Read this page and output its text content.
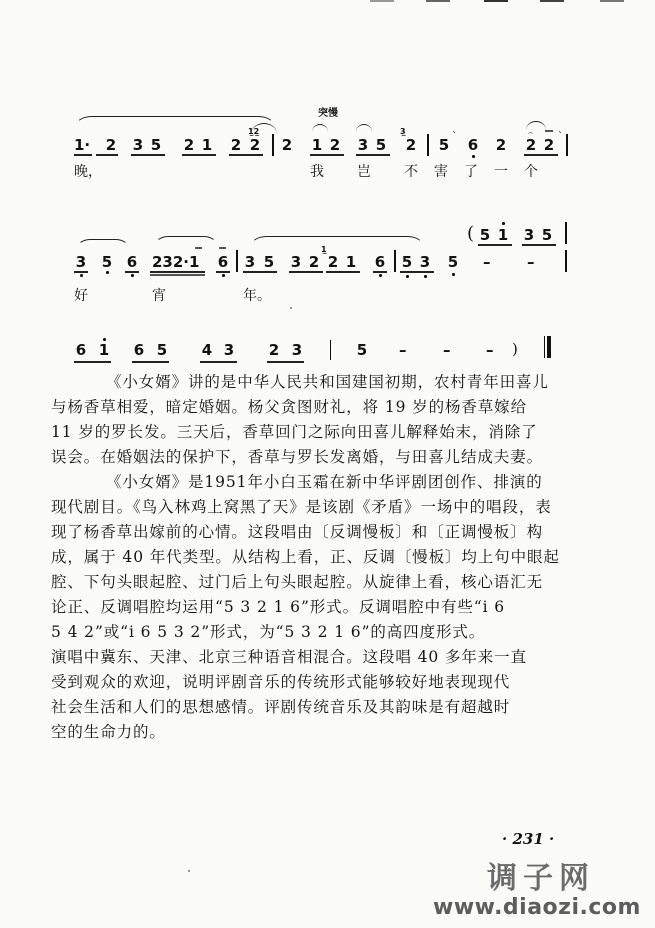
突慢
1· 2 3 5 2 1
1̲2̲
2 2 2 1 2 3 5
3̲
2 5 ˋ 6 2
⌢
2 2 ˋ
晚，	我 岂 不 害 了 一 个
3 5 6 232·1	6 3 5 3 2
1̲
2 1 6 5 3 5 – –
( 5 1 3 5
好	宵	年。
6 1 6 5 4 3 2 3	5 – – – )

《小女婿》讲的是中华人民共和国建国初期，农村青年田喜儿

与杨香草相爱，暗定婚姻。杨父贪图财礼，将 19 岁的杨香草嫁给
11 岁的罗长发。三天后，香草回门之际向田喜儿解释始末，消除了
误会。在婚姻法的保护下，香草与罗长发离婚，与田喜儿结成夫妻。

《小女婿》是1951年小白玉霜在新中华评剧团创作、排演的

现代剧目。《鸟入林鸡上窝黑了天》是该剧《矛盾》一场中的唱段，表
现了杨香草出嫁前的心情。这段唱由〔反调慢板〕和〔正调慢板〕构
成，属于 40 年代类型。从结构上看，正、反调〔慢板〕均上句中眼起
腔、下句头眼起腔、过门后上句头眼起腔。从旋律上看，核心语汇无
论正、反调唱腔均运用“5 3 2 1 6”形式。反调唱腔中有些“i 6
5 4 2”或“i 6 5 3 2”形式，为“5 3 2 1 6”的高四度形式。
演唱中冀东、天津、北京三种语音相混合。这段唱 40 多年来一直
受到观众的欢迎，说明评剧音乐的传统形式能够较好地表现现代
社会生活和人们的思想感情。评剧传统音乐及其韵味是有超越时
空的生命力的。

· 231 ·
调子网
www.diaozi.com
